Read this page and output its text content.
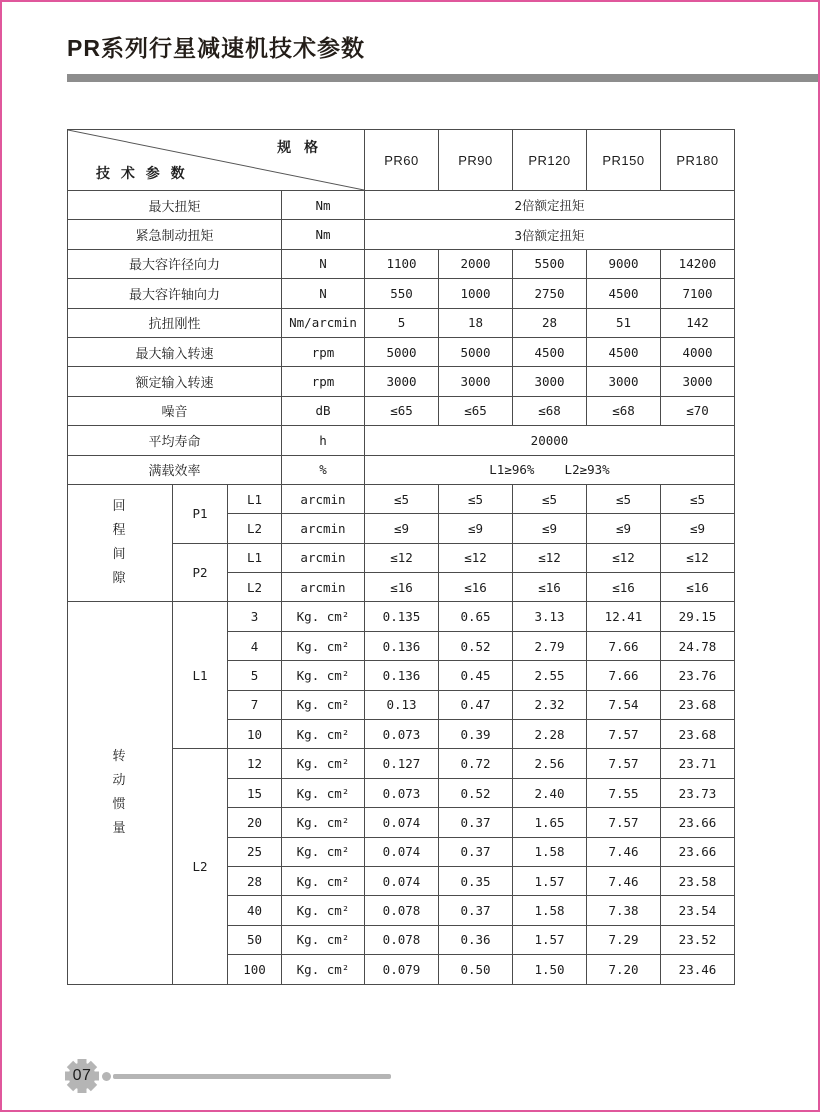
PR系列行星减速机技术参数
规 格
技 术 参 数				PR60	PR90	PR120	PR150	PR180
最大扭矩			Nm	2倍额定扭矩				
紧急制动扭矩			Nm	3倍额定扭矩				
最大容许径向力			N	1100	2000	5500	9000	14200
最大容许轴向力			N	550	1000	2750	4500	7100
抗扭刚性			Nm/arcmin	5	18	28	51	142
最大输入转速			rpm	5000	5000	4500	4500	4000
额定输入转速			rpm	3000	3000	3000	3000	3000
噪音			dB	≤65	≤65	≤68	≤68	≤70
平均寿命			h	20000				
满载效率			%	L1≥96%    L2≥93%				

回程间隙	P1	L1	arcmin	≤5	≤5	≤5	≤5	≤5
		L2	arcmin	≤9	≤9	≤9	≤9	≤9
	P2	L1	arcmin	≤12	≤12	≤12	≤12	≤12
		L2	arcmin	≤16	≤16	≤16	≤16	≤16

转动惯量	L1	3	Kg. cm²	0.135	0.65	3.13	12.41	29.15
		4	Kg. cm²	0.136	0.52	2.79	7.66	24.78
		5	Kg. cm²	0.136	0.45	2.55	7.66	23.76
		7	Kg. cm²	0.13	0.47	2.32	7.54	23.68
		10	Kg. cm²	0.073	0.39	2.28	7.57	23.68
	L2	12	Kg. cm²	0.127	0.72	2.56	7.57	23.71
		15	Kg. cm²	0.073	0.52	2.40	7.55	23.73
		20	Kg. cm²	0.074	0.37	1.65	7.57	23.66
		25	Kg. cm²	0.074	0.37	1.58	7.46	23.66
		28	Kg. cm²	0.074	0.35	1.57	7.46	23.58
		40	Kg. cm²	0.078	0.37	1.58	7.38	23.54
		50	Kg. cm²	0.078	0.36	1.57	7.29	23.52
		100	Kg. cm²	0.079	0.50	1.50	7.20	23.46
07
